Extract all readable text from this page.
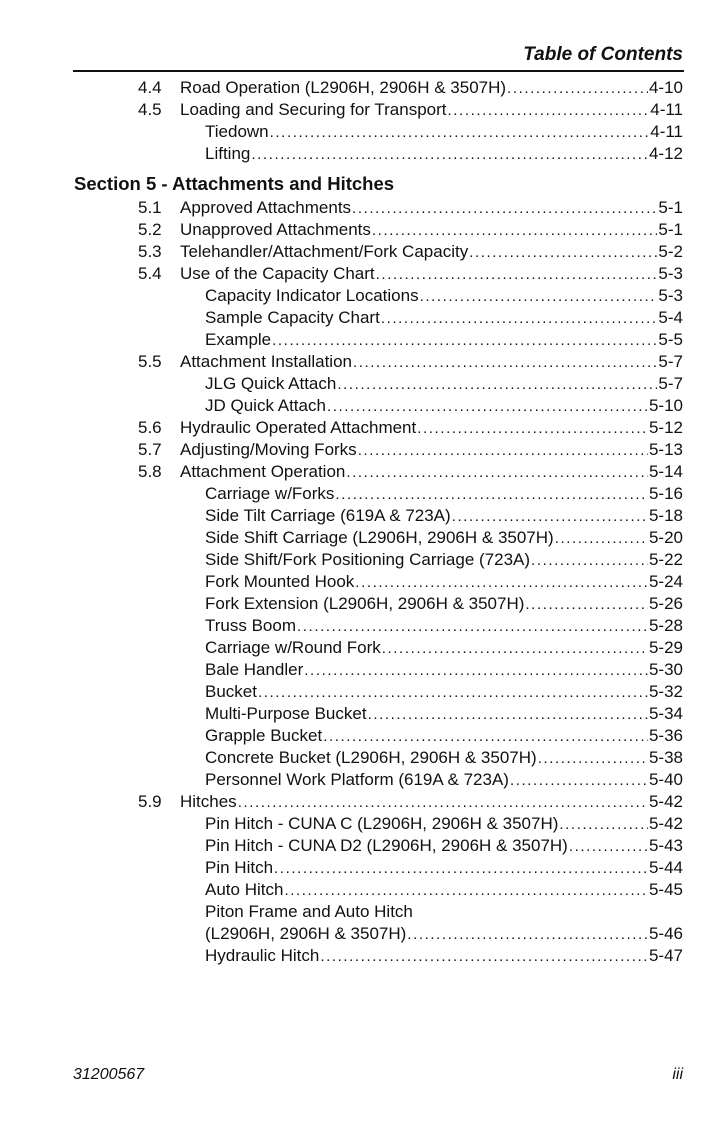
Table of Contents
4.4 Road Operation (L2906H, 2906H & 3507H) .....	4-10
4.5 Loading and Securing for Transport .....	4-11
Tiedown .....	4-11
Lifting .....	4-12
Section 5 - Attachments and Hitches
5.1 Approved Attachments .....	5-1
5.2 Unapproved Attachments .....	5-1
5.3 Telehandler/Attachment/Fork Capacity .....	5-2
5.4 Use of the Capacity Chart .....	5-3
Capacity Indicator Locations .....	5-3
Sample Capacity Chart .....	5-4
Example .....	5-5
5.5 Attachment Installation .....	5-7
JLG Quick Attach .....	5-7
JD Quick Attach .....	5-10
5.6 Hydraulic Operated Attachment .....	5-12
5.7 Adjusting/Moving Forks .....	5-13
5.8 Attachment Operation .....	5-14
Carriage w/Forks .....	5-16
Side Tilt Carriage (619A & 723A) .....	5-18
Side Shift Carriage (L2906H, 2906H & 3507H) .....	5-20
Side Shift/Fork Positioning Carriage (723A) .....	5-22
Fork Mounted Hook .....	5-24
Fork Extension (L2906H, 2906H & 3507H) .....	5-26
Truss Boom .....	5-28
Carriage w/Round Fork .....	5-29
Bale Handler .....	5-30
Bucket .....	5-32
Multi-Purpose Bucket .....	5-34
Grapple Bucket .....	5-36
Concrete Bucket (L2906H, 2906H & 3507H) .....	5-38
Personnel Work Platform (619A & 723A) .....	5-40
5.9 Hitches .....	5-42
Pin Hitch - CUNA C (L2906H, 2906H & 3507H) .....	5-42
Pin Hitch - CUNA D2 (L2906H, 2906H & 3507H) .....	5-43
Pin Hitch .....	5-44
Auto Hitch .....	5-45
Piton Frame and Auto Hitch
(L2906H, 2906H & 3507H) .....	5-46
Hydraulic Hitch .....	5-47
31200567	iii
